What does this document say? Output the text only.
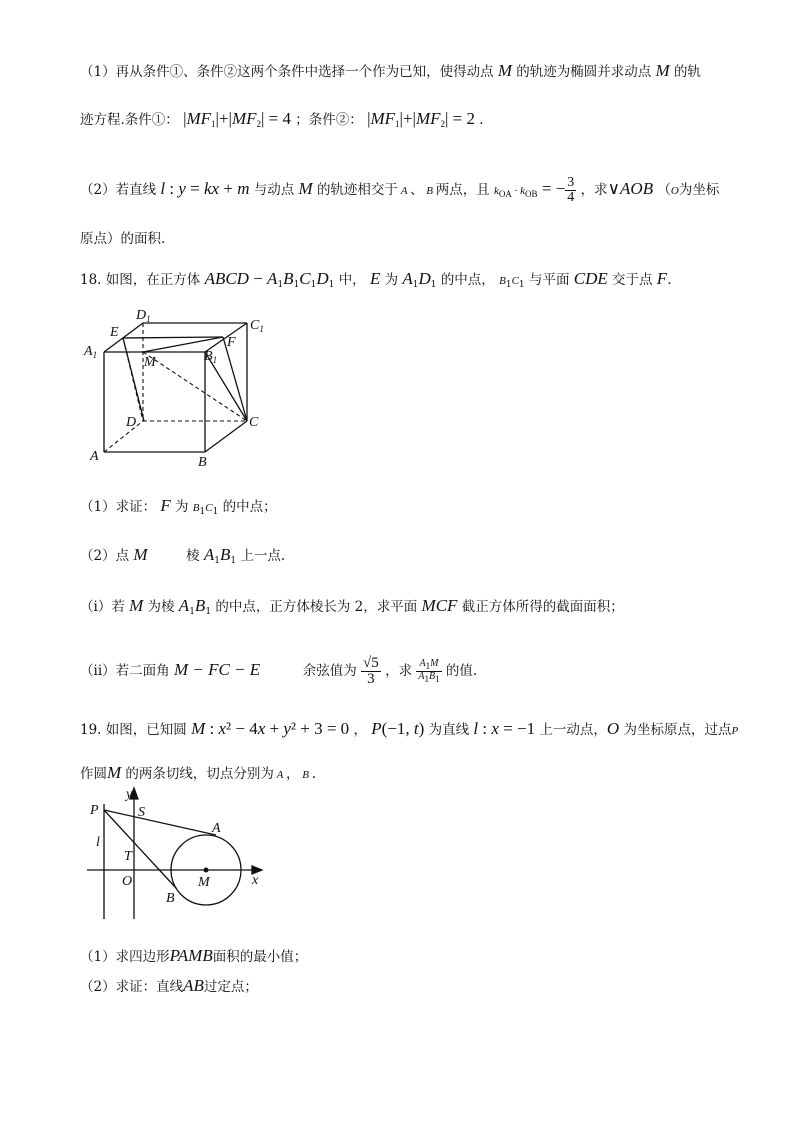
（1）再从条件①、条件②这两个条件中选择一个作为已知，使得动点 M 的轨迹为椭圆并求动点 M 的轨
迹方程.条件①： $|MF_1|+|MF_2| = 4$ ；条件②： $|MF_1|+|MF_2| = 2$ .
（2）若直线 l : y = kx + m 与动点 M 的轨迹相交于 A 、 B 两点，且 $k_{OA} \cdot k_{OB}$ = − $\frac{3}{4}$ ，求∨AOB （O为坐标
原点）的面积.
18. 如图，在正方体 ABCD − $A_1B_1C_1D_1$ 中， E 为 $A_1D_1$ 的中点， $B_1C_1$ 与平面 CDE 交于点 F.
$D_1$	$C_1$
E
$A_1$	M	$B_1$
F
D	C
A	B
（1）求证： F 为 $B_1C_1$ 的中点；
（2）点 M	棱 $A_1B_1$ 上一点.
（i）若 M 为棱 $A_1B_1$ 的中点，正方体棱长为 2，求平面 MCF 截正方体所得的截面面积；
（ii）若二面角 M − FC − E	余弦值为 $\frac{√5}{3}$ ，求 $\frac{A_1M}{A_1B_1}$ 的值.
19. 如图，已知圆 M : x² − 4x + y² + 3 = 0 ， P(−1, t) 为直线 l : x = −1 上一动点，O 为坐标原点，过点P
作圆M 的两条切线，切点分别为 A ， B .
y
P	S
A
l
T
O	M	x
B
（1）求四边形PAMB面积的最小值；
（2）求证：直线AB过定点；
